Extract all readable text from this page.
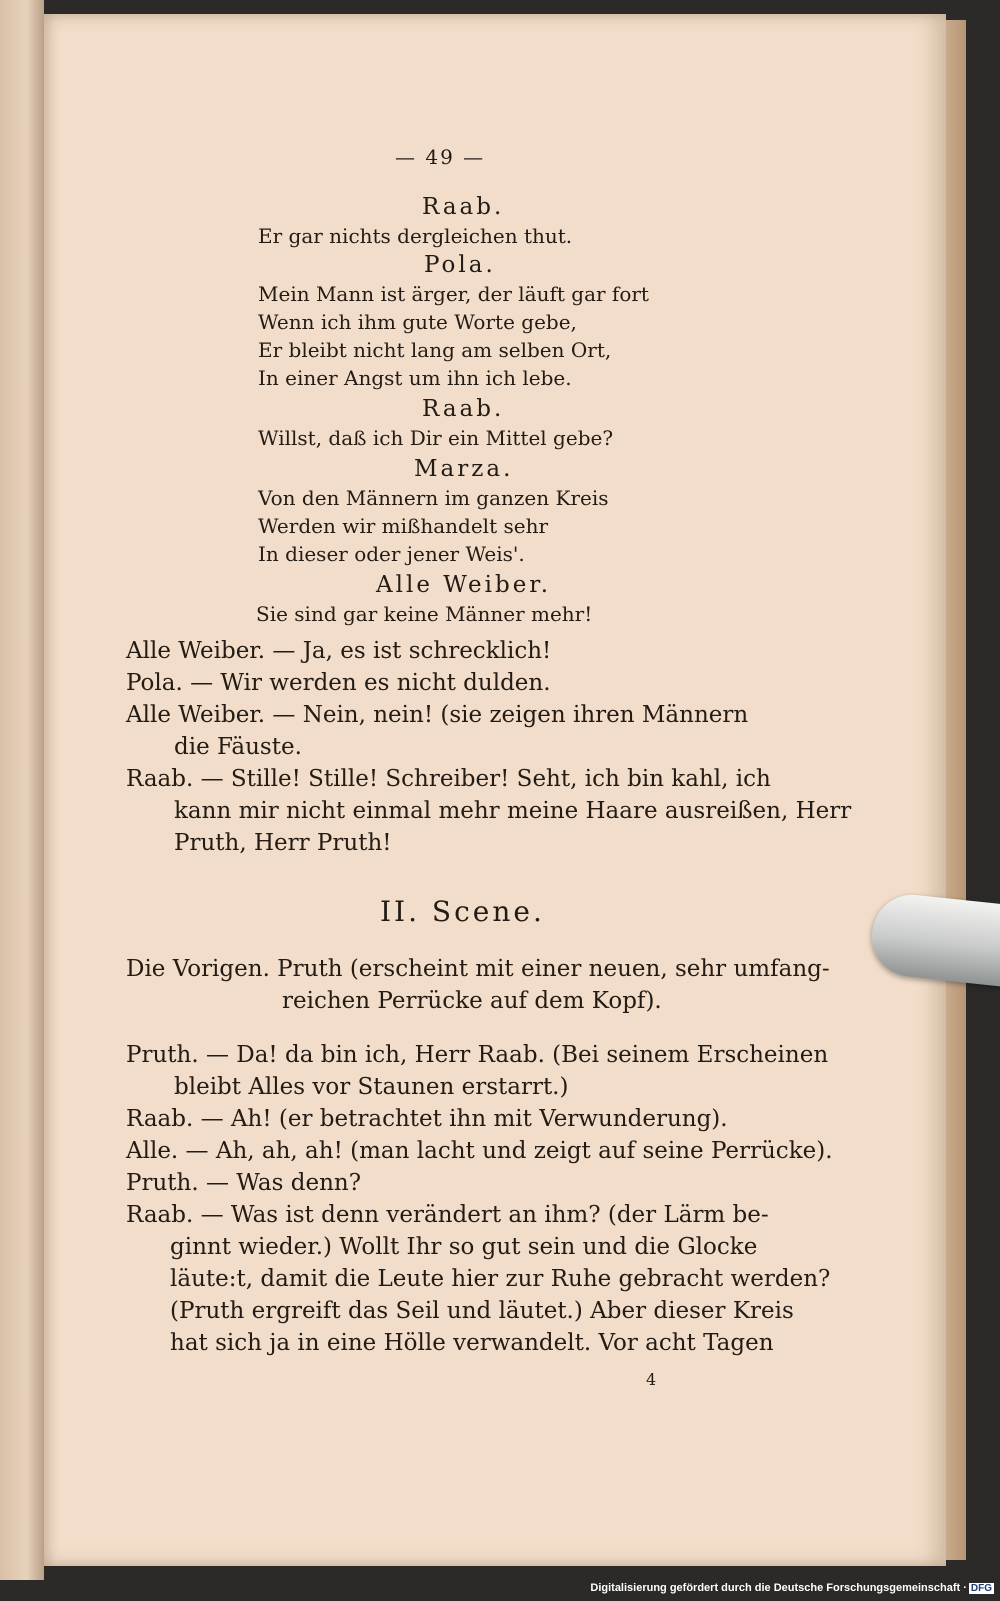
— 49 —
Raab.
Er gar nichts dergleichen thut.
Pola.
Mein Mann ist ärger, der läuft gar fort
Wenn ich ihm gute Worte gebe,
Er bleibt nicht lang am selben Ort,
In einer Angst um ihn ich lebe.
Raab.
Willst, daß ich Dir ein Mittel gebe?
Marza.
Von den Männern im ganzen Kreis
Werden wir mißhandelt sehr
In dieser oder jener Weis'.
Alle Weiber.
Sie sind gar keine Männer mehr!
Alle Weiber. — Ja, es ist schrecklich!
Pola. — Wir werden es nicht dulden.
Alle Weiber. — Nein, nein! (sie zeigen ihren Männern
die Fäuste.
Raab. — Stille! Stille! Schreiber! Seht, ich bin kahl, ich
kann mir nicht einmal mehr meine Haare ausreißen, Herr
Pruth, Herr Pruth!
II. Scene.
Die Vorigen. Pruth (erscheint mit einer neuen, sehr umfang-
reichen Perrücke auf dem Kopf).
Pruth. — Da! da bin ich, Herr Raab. (Bei seinem Erscheinen
bleibt Alles vor Staunen erstarrt.)
Raab. — Ah! (er betrachtet ihn mit Verwunderung).
Alle. — Ah, ah, ah! (man lacht und zeigt auf seine Perrücke).
Pruth. — Was denn?
Raab. — Was ist denn verändert an ihm? (der Lärm be-
ginnt wieder.) Wollt Ihr so gut sein und die Glocke
läute:t, damit die Leute hier zur Ruhe gebracht werden?
(Pruth ergreift das Seil und läutet.) Aber dieser Kreis
hat sich ja in eine Hölle verwandelt. Vor acht Tagen
4
Digitalisierung gefördert durch die Deutsche Forschungsgemeinschaft · DFG
